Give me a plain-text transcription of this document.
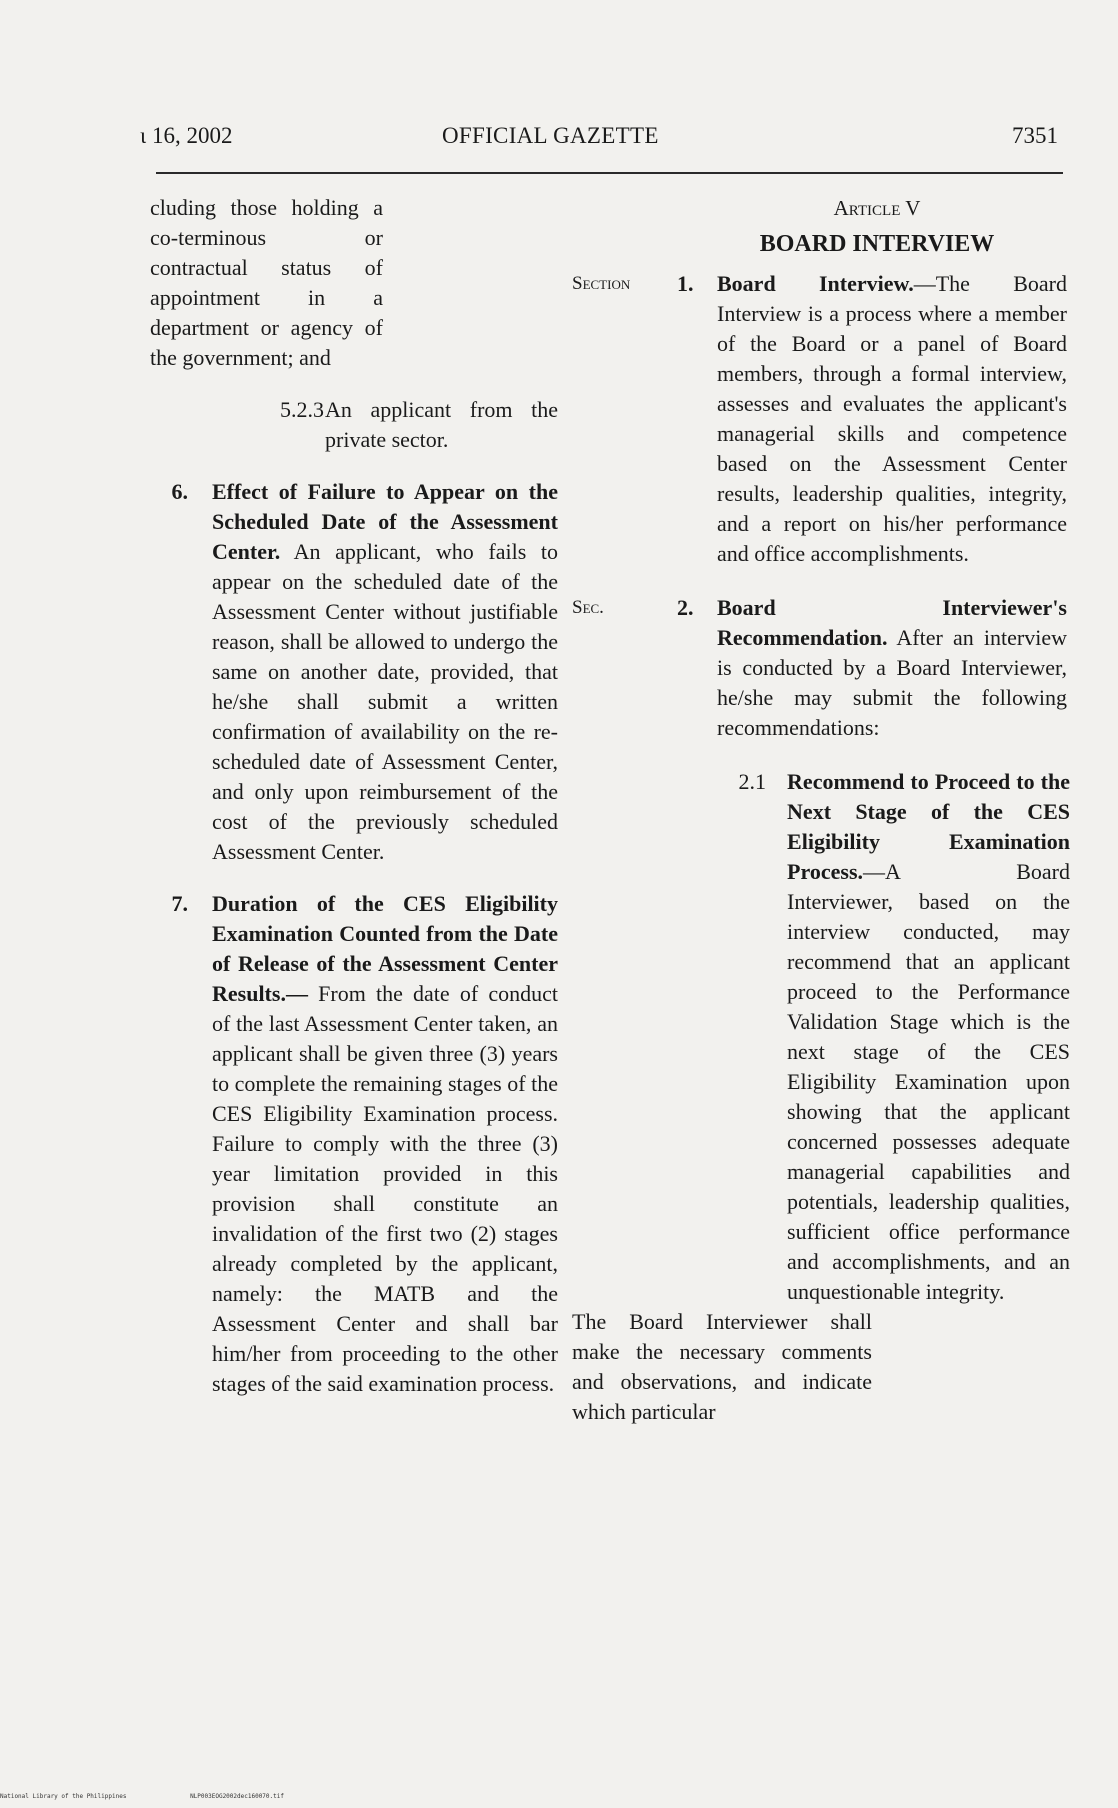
ɩ 16, 2002	OFFICIAL GAZETTE	7351

cluding those holding a co-terminous or contractual status of appointment in a department or agency of the government; and

5.2.3 An applicant from the private sector.
6. Effect of Failure to Appear on the Scheduled Date of the Assessment Center. An applicant, who fails to appear on the scheduled date of the Assessment Center without justifiable reason, shall be allowed to undergo the same on another date, provided, that he/she shall submit a written confirmation of availability on the re-scheduled date of Assessment Center, and only upon reimbursement of the cost of the previously scheduled Assessment Center.

7. Duration of the CES Eligibility Examination Counted from the Date of Release of the Assessment Center Results.— From the date of conduct of the last Assessment Center taken, an applicant shall be given three (3) years to complete the remaining stages of the CES Eligibility Examination process. Failure to comply with the three (3) year limitation provided in this provision shall constitute an invalidation of the first two (2) stages already completed by the applicant, namely: the MATB and the Assessment Center and shall bar him/her from proceeding to the other stages of the said examination process.

Article V
BOARD INTERVIEW
Section	1.	Board Interview.—The Board Interview is a process where a member of the Board or a panel of Board members, through a formal interview, assesses and evaluates the applicant's managerial skills and competence based on the Assessment Center results, leadership qualities, integrity, and a report on his/her performance and office accomplishments.

Sec.	2.	Board Interviewer's Recommendation. After an interview is conducted by a Board Interviewer, he/she may submit the following recommendations:

2.1 Recommend to Proceed to the Next Stage of the CES Eligibility Examination Process.—A Board Interviewer, based on the interview conducted, may recommend that an applicant proceed to the Performance Validation Stage which is the next stage of the CES Eligibility Examination upon showing that the applicant concerned possesses adequate managerial capabilities and potentials, leadership qualities, sufficient office performance and accomplishments, and an unquestionable integrity.

The Board Interviewer shall make the necessary comments and observations, and indicate which particular

National Library of the Philippines	NLP003EOG2002dec160070.tif
